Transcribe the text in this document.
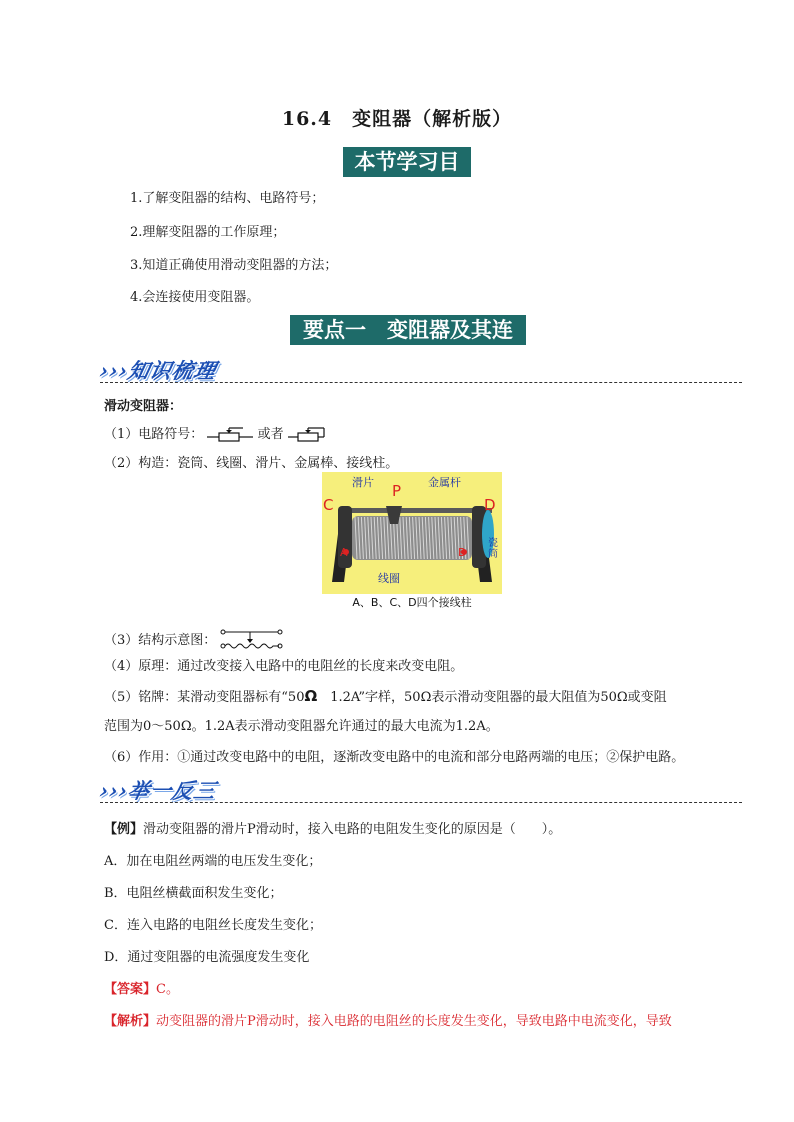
16.4　变阻器（解析版）
本节学习目标
1.了解变阻器的结构、电路符号；
2.理解变阻器的工作原理；
3.知道正确使用滑动变阻器的方法；
4.会连接使用变阻器。
要点一　变阻器及其连接
›››知识梳理
滑动变阻器：
（1）电路符号：	或者
（2）构造：瓷筒、线圈、滑片、金属棒、接线柱。
C	D
P
A	B
滑片	金属杆
线圈
瓷筒
A、B、C、D四个接线柱
（3）结构示意图：
（4）原理：通过改变接入电路中的电阻丝的长度来改变电阻。
（5）铭牌：某滑动变阻器标有“50Ω　1.2A”字样，50Ω表示滑动变阻器的最大阻值为50Ω或变阻
范围为0～50Ω。1.2A表示滑动变阻器允许通过的最大电流为1.2A。
（6）作用：①通过改变电路中的电阻，逐渐改变电路中的电流和部分电路两端的电压；②保护电路。
›››举一反三
【例】滑动变阻器的滑片P滑动时，接入电路的电阻发生变化的原因是（　　）。
A．加在电阻丝两端的电压发生变化；
B．电阻丝横截面积发生变化；
C．连入电路的电阻丝长度发生变化；
D．通过变阻器的电流强度发生变化
【答案】C。
【解析】动变阻器的滑片P滑动时，接入电路的电阻丝的长度发生变化，导致电路中电流变化，导致
